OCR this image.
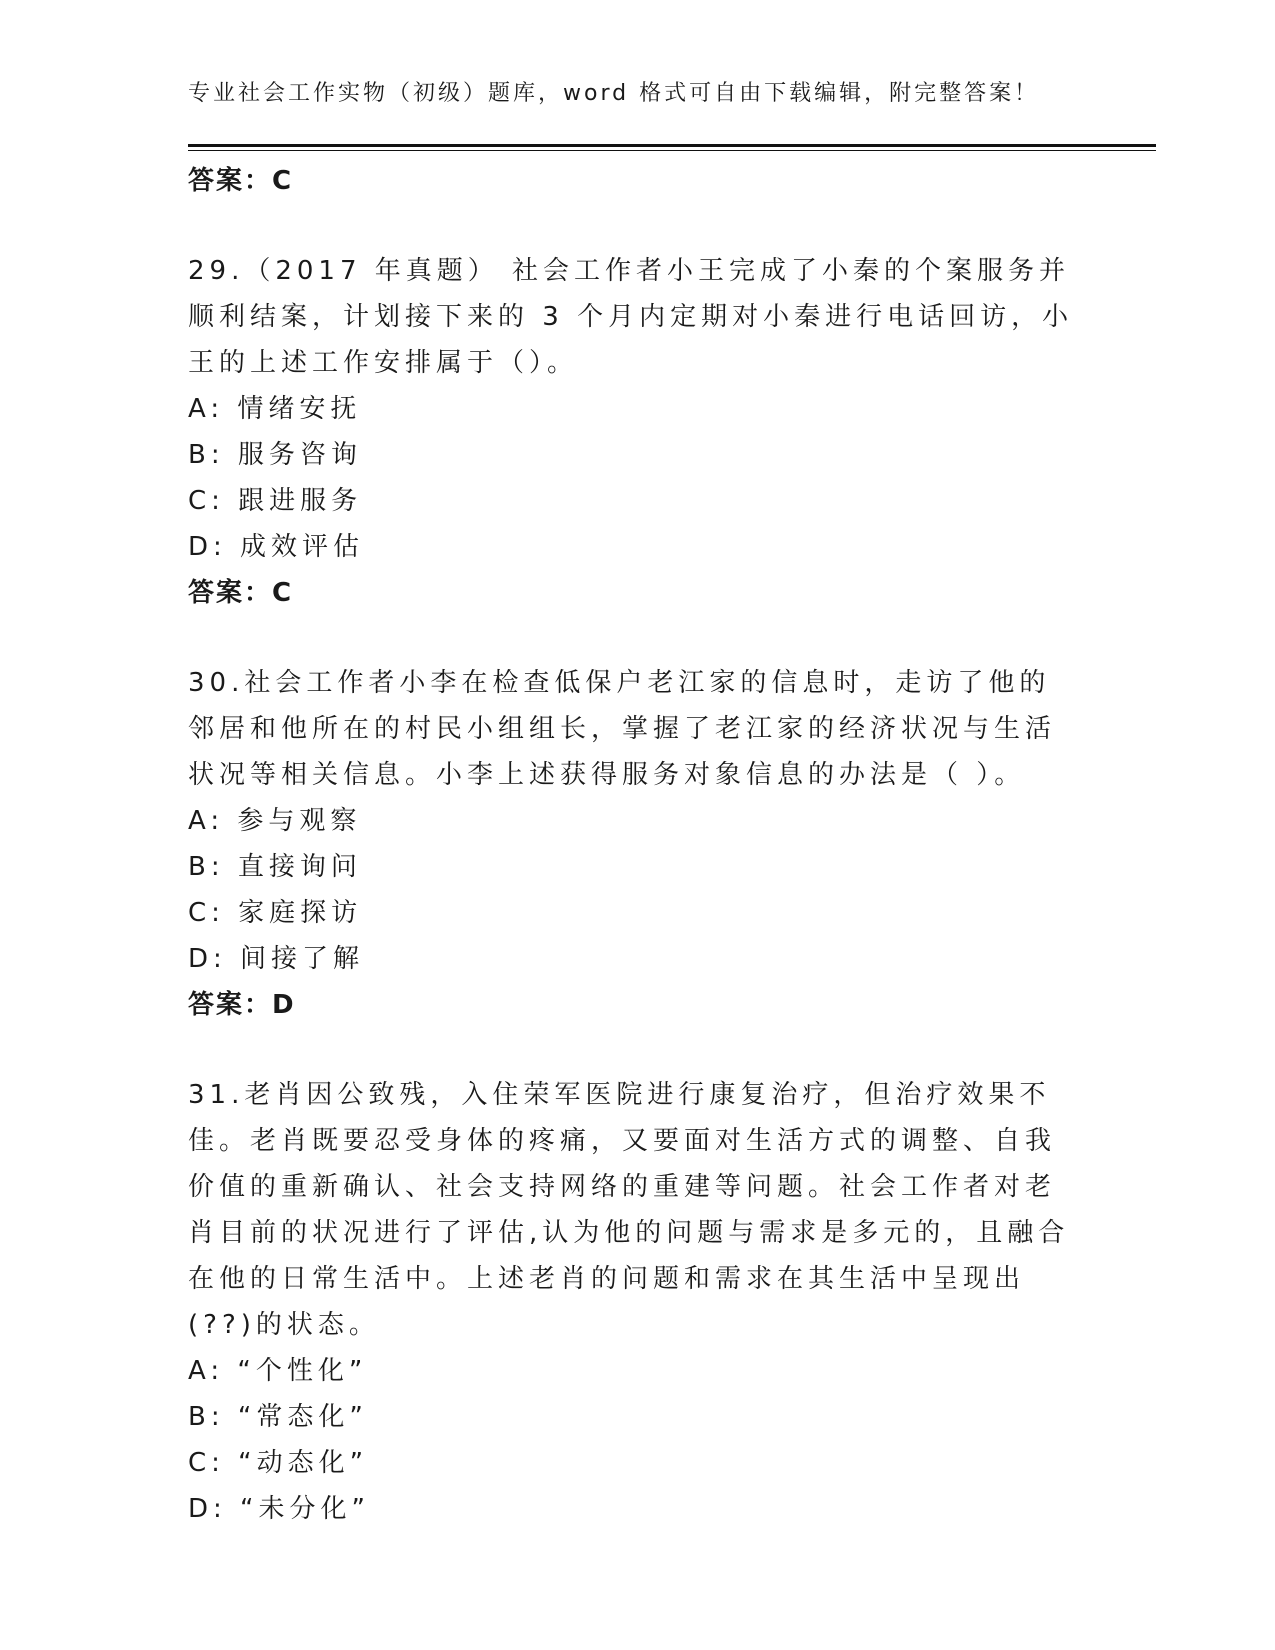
专业社会工作实物（初级）题库，word 格式可自由下载编辑，附完整答案！
答案：C
29.（2017 年真题） 社会工作者小王完成了小秦的个案服务并顺利结案，计划接下来的 3 个月内定期对小秦进行电话回访，小王的上述工作安排属于（）。
A: 情绪安抚
B: 服务咨询
C: 跟进服务
D: 成效评估
答案：C
30.社会工作者小李在检查低保户老江家的信息时，走访了他的邻居和他所在的村民小组组长，掌握了老江家的经济状况与生活状况等相关信息。小李上述获得服务对象信息的办法是（ ）。
A: 参与观察
B: 直接询问
C: 家庭探访
D: 间接了解
答案：D
31.老肖因公致残，入住荣军医院进行康复治疗，但治疗效果不佳。老肖既要忍受身体的疼痛，又要面对生活方式的调整、自我价值的重新确认、社会支持网络的重建等问题。社会工作者对老肖目前的状况进行了评估,认为他的问题与需求是多元的，且融合在他的日常生活中。上述老肖的问题和需求在其生活中呈现出(??)的状态。
A: “个性化”
B: “常态化”
C: “动态化”
D: “未分化”
